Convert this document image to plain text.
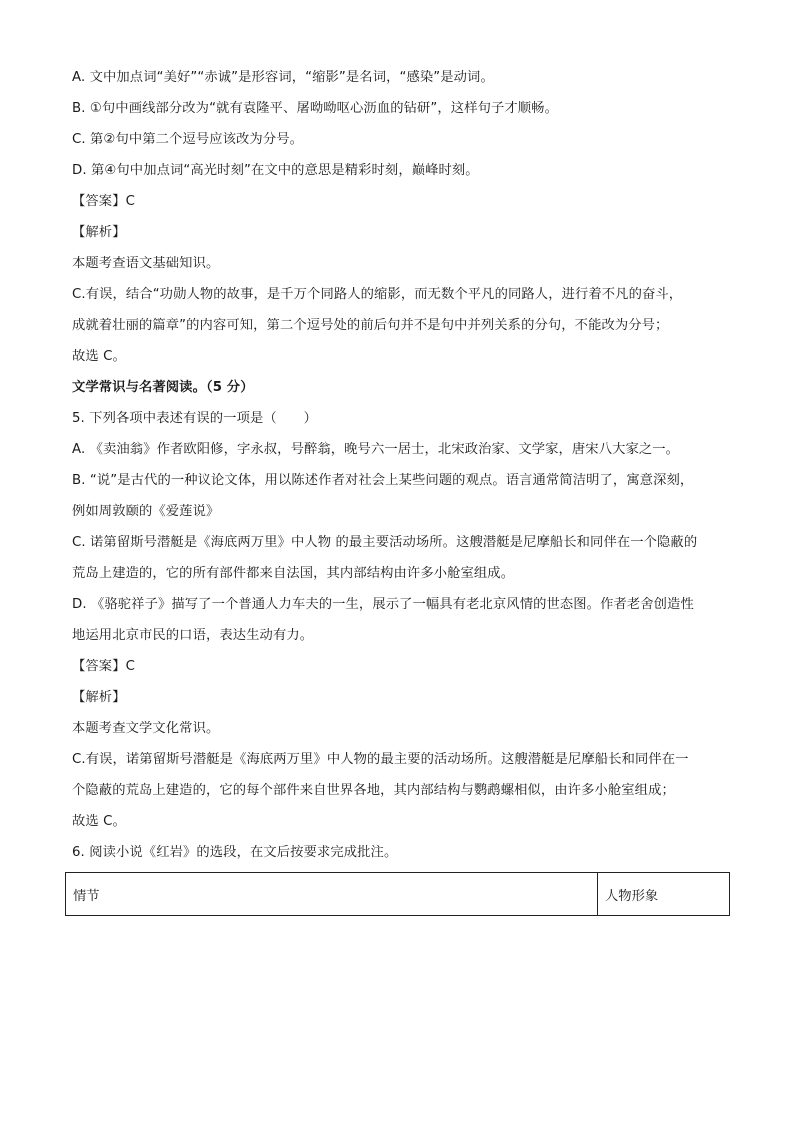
A. 文中加点词“美好”“赤诚”是形容词，“缩影”是名词，“感染”是动词。

B. ①句中画线部分改为“就有袁隆平、屠呦呦呕心沥血的钻研”，这样句子才顺畅。

C. 第②句中第二个逗号应该改为分号。

D. 第④句中加点词“高光时刻”在文中的意思是精彩时刻，巅峰时刻。

【答案】C

【解析】

本题考查语文基础知识。

C.有误，结合“功勋人物的故事，是千万个同路人的缩影，而无数个平凡的同路人，进行着不凡的奋斗，

成就着壮丽的篇章”的内容可知，第二个逗号处的前后句并不是句中并列关系的分句，不能改为分号；

故选 C。

文学常识与名著阅读。（5 分）

5. 下列各项中表述有误的一项是（　　）

A. 《卖油翁》作者欧阳修，字永叔，号醉翁，晚号六一居士，北宋政治家、文学家，唐宋八大家之一。

B. “说”是古代的一种议论文体，用以陈述作者对社会上某些问题的观点。语言通常简洁明了，寓意深刻，

例如周敦颐的《爱莲说》

C. 诺第留斯号潜艇是《海底两万里》中人物 的最主要活动场所。这艘潜艇是尼摩船长和同伴在一个隐蔽的

荒岛上建造的，它的所有部件都来自法国，其内部结构由许多小舱室组成。

D. 《骆驼祥子》描写了一个普通人力车夫的一生，展示了一幅具有老北京风情的世态图。作者老舍创造性

地运用北京市民的口语，表达生动有力。

【答案】C

【解析】

本题考查文学文化常识。

C.有误，诺第留斯号潜艇是《海底两万里》中人物的最主要的活动场所。这艘潜艇是尼摩船长和同伴在一

个隐蔽的荒岛上建造的，它的每个部件来自世界各地，其内部结构与鹦鹉螺相似，由许多小舱室组成；

故选 C。

6. 阅读小说《红岩》的选段，在文后按要求完成批注。

情节	人物形象
